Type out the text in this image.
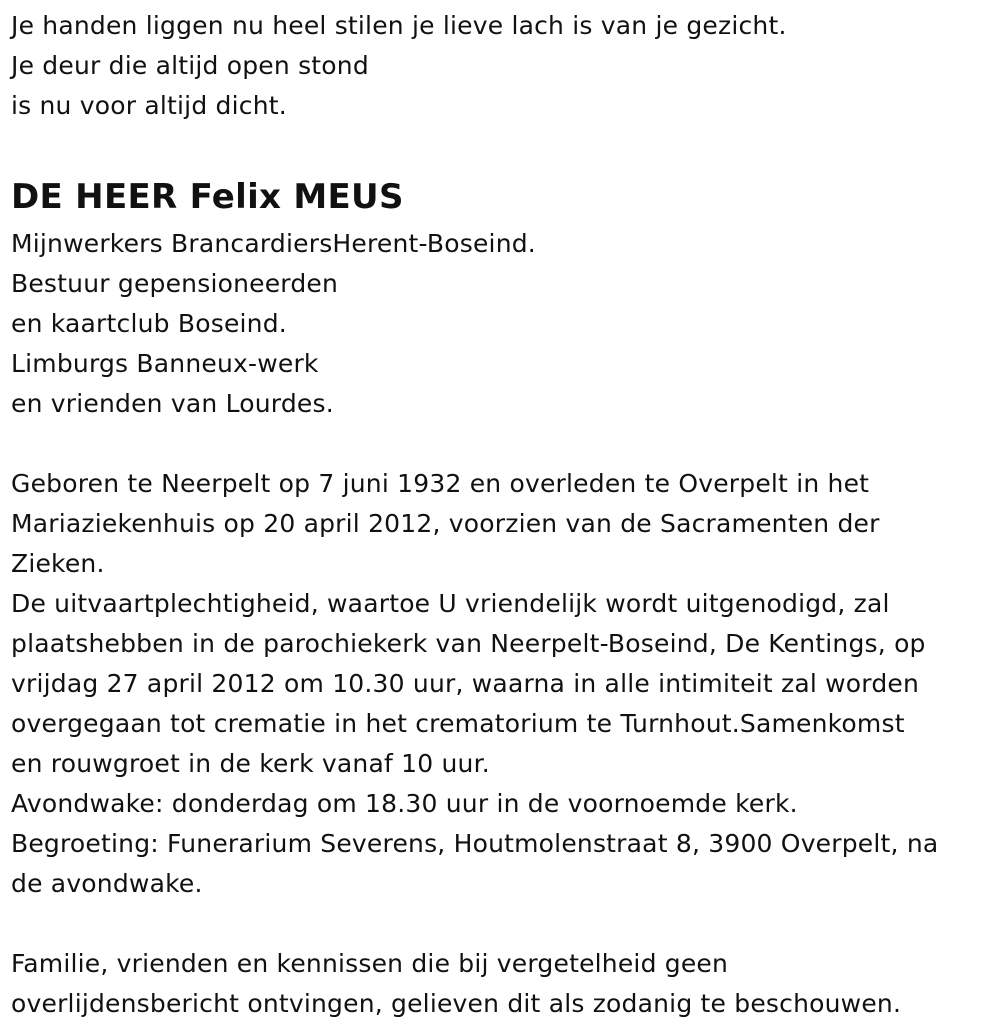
Je handen liggen nu heel stilen je lieve lach is van je gezicht.
Je deur die altijd open stond
is nu voor altijd dicht.
DE HEER Felix MEUS
Mijnwerkers BrancardiersHerent-Boseind.
Bestuur gepensioneerden
en kaartclub Boseind.
Limburgs Banneux-werk
en vrienden van Lourdes.
Geboren te Neerpelt op 7 juni 1932 en overleden te Overpelt in het
Mariaziekenhuis op 20 april 2012, voorzien van de Sacramenten der
Zieken.
De uitvaartplechtigheid, waartoe U vriendelijk wordt uitgenodigd, zal
plaatshebben in de parochiekerk van Neerpelt-Boseind, De Kentings, op
vrijdag 27 april 2012 om 10.30 uur, waarna in alle intimiteit zal worden
overgegaan tot crematie in het crematorium te Turnhout.Samenkomst
en rouwgroet in de kerk vanaf 10 uur.
Avondwake: donderdag om 18.30 uur in de voornoemde kerk.
Begroeting: Funerarium Severens, Houtmolenstraat 8, 3900 Overpelt, na
de avondwake.
Familie, vrienden en kennissen die bij vergetelheid geen
overlijdensbericht ontvingen, gelieven dit als zodanig te beschouwen.
